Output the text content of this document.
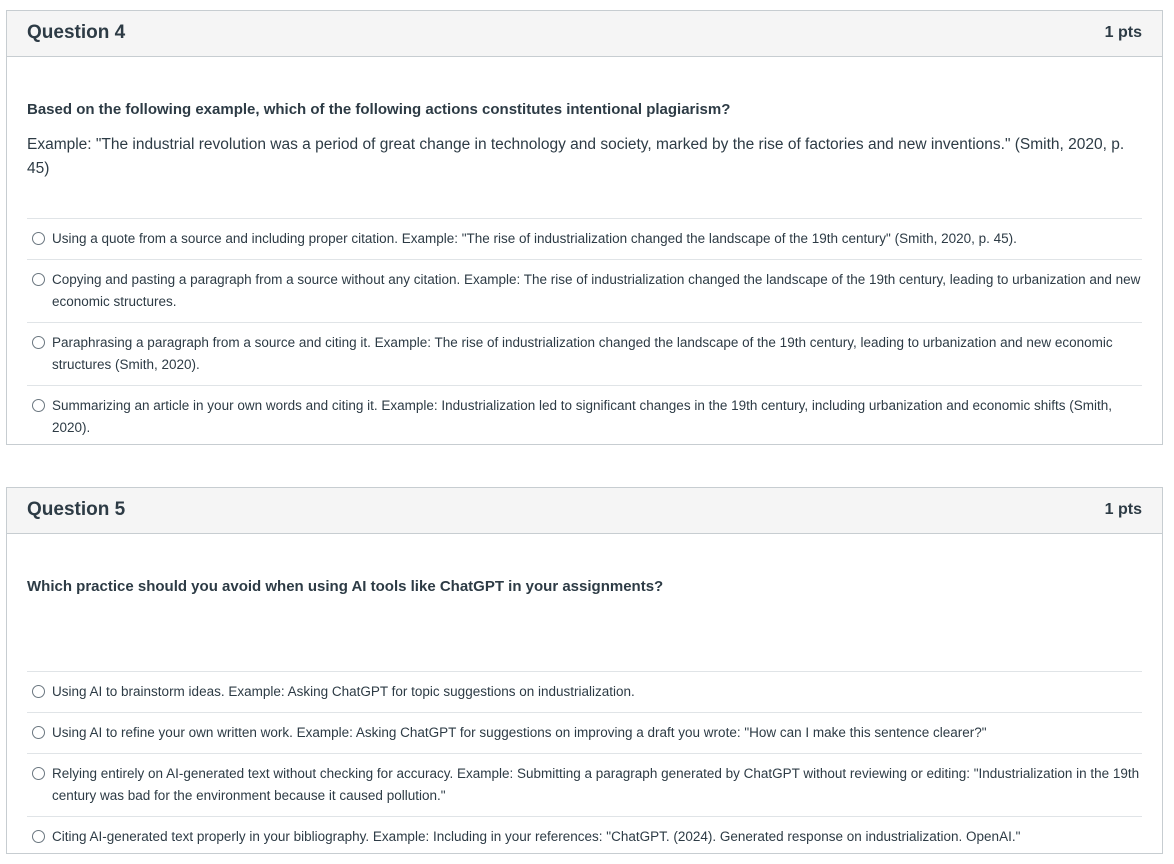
Question 4	1 pts
Based on the following example, which of the following actions constitutes intentional plagiarism?
Example: "The industrial revolution was a period of great change in technology and society, marked by the rise of factories and new inventions." (Smith, 2020, p. 45)
Using a quote from a source and including proper citation. Example: "The rise of industrialization changed the landscape of the 19th century" (Smith, 2020, p. 45).
Copying and pasting a paragraph from a source without any citation. Example: The rise of industrialization changed the landscape of the 19th century, leading to urbanization and new economic structures.
Paraphrasing a paragraph from a source and citing it. Example: The rise of industrialization changed the landscape of the 19th century, leading to urbanization and new economic structures (Smith, 2020).
Summarizing an article in your own words and citing it. Example: Industrialization led to significant changes in the 19th century, including urbanization and economic shifts (Smith, 2020).
Question 5	1 pts
Which practice should you avoid when using AI tools like ChatGPT in your assignments?
Using AI to brainstorm ideas. Example: Asking ChatGPT for topic suggestions on industrialization.
Using AI to refine your own written work. Example: Asking ChatGPT for suggestions on improving a draft you wrote: "How can I make this sentence clearer?"
Relying entirely on AI-generated text without checking for accuracy. Example: Submitting a paragraph generated by ChatGPT without reviewing or editing: "Industrialization in the 19th century was bad for the environment because it caused pollution."
Citing AI-generated text properly in your bibliography. Example: Including in your references: "ChatGPT. (2024). Generated response on industrialization. OpenAI."
